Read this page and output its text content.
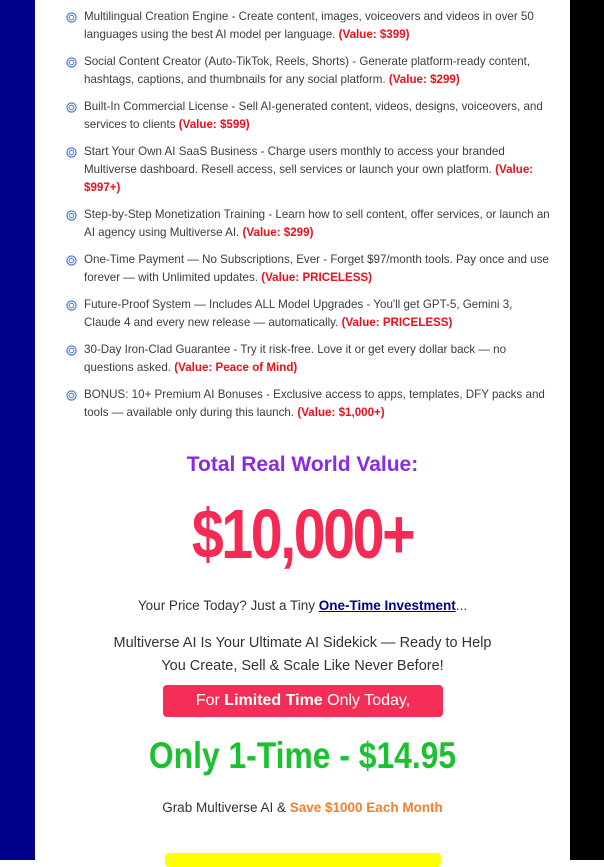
Multilingual Creation Engine - Create content, images, voiceovers and videos in over 50 languages using the best AI model per language. (Value: $399)
Social Content Creator (Auto-TikTok, Reels, Shorts) - Generate platform-ready content, hashtags, captions, and thumbnails for any social platform. (Value: $299)
Built-In Commercial License - Sell AI-generated content, videos, designs, voiceovers, and services to clients (Value: $599)
Start Your Own AI SaaS Business - Charge users monthly to access your branded Multiverse dashboard. Resell access, sell services or launch your own platform. (Value: $997+)
Step-by-Step Monetization Training - Learn how to sell content, offer services, or launch an AI agency using Multiverse AI. (Value: $299)
One-Time Payment — No Subscriptions, Ever - Forget $97/month tools. Pay once and use forever — with Unlimited updates. (Value: PRICELESS)
Future-Proof System — Includes ALL Model Upgrades - You'll get GPT-5, Gemini 3, Claude 4 and every new release — automatically. (Value: PRICELESS)
30-Day Iron-Clad Guarantee - Try it risk-free. Love it or get every dollar back — no questions asked. (Value: Peace of Mind)
BONUS: 10+ Premium AI Bonuses - Exclusive access to apps, templates, DFY packs and tools — available only during this launch. (Value: $1,000+)
Total Real World Value:
$10,000+
Your Price Today? Just a Tiny One-Time Investment...
Multiverse AI Is Your Ultimate AI Sidekick — Ready to Help
You Create, Sell & Scale Like Never Before!
For Limited Time Only Today,
Only 1-Time - $14.95
Grab Multiverse AI & Save $1000 Each Month
